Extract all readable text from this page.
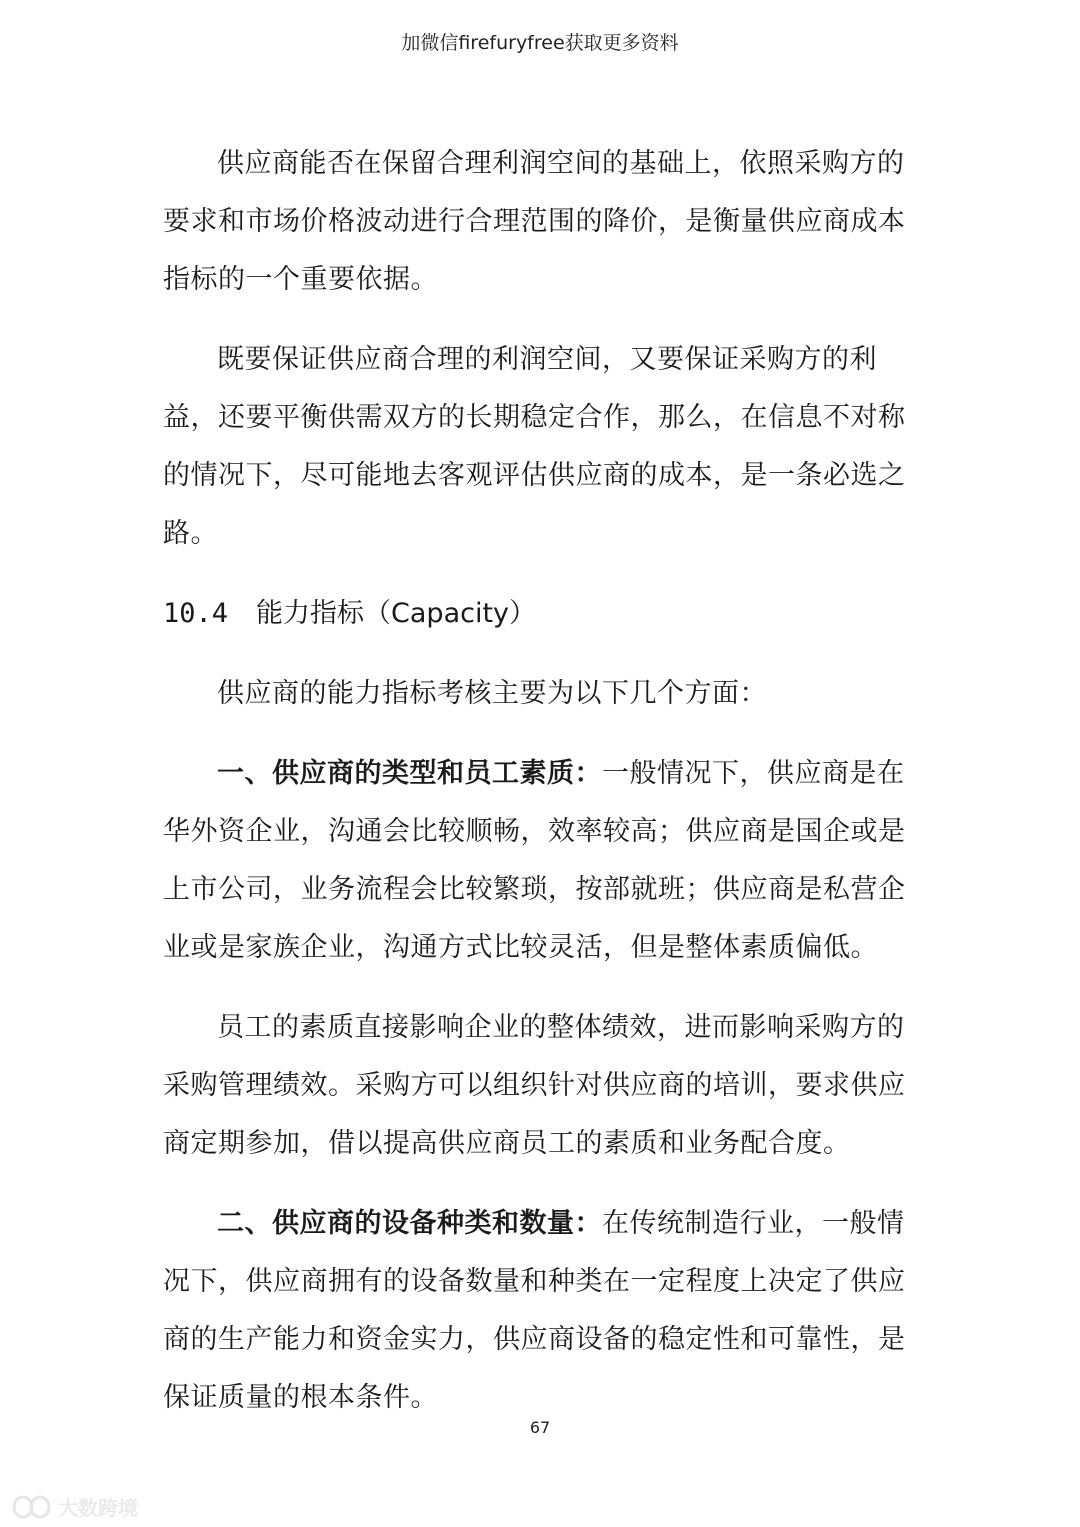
加微信firefuryfree获取更多资料

供应商能否在保留合理利润空间的基础上，依照采购方的要求和市场价格波动进行合理范围的降价，是衡量供应商成本指标的一个重要依据。

既要保证供应商合理的利润空间，又要保证采购方的利益，还要平衡供需双方的长期稳定合作，那么，在信息不对称的情况下，尽可能地去客观评估供应商的成本，是一条必选之路。

10.4 能力指标（Capacity）

供应商的能力指标考核主要为以下几个方面：

一、供应商的类型和员工素质：一般情况下，供应商是在华外资企业，沟通会比较顺畅，效率较高；供应商是国企或是上市公司，业务流程会比较繁琐，按部就班；供应商是私营企业或是家族企业，沟通方式比较灵活，但是整体素质偏低。

员工的素质直接影响企业的整体绩效，进而影响采购方的采购管理绩效。采购方可以组织针对供应商的培训，要求供应商定期参加，借以提高供应商员工的素质和业务配合度。

二、供应商的设备种类和数量：在传统制造行业，一般情况下，供应商拥有的设备数量和种类在一定程度上决定了供应商的生产能力和资金实力，供应商设备的稳定性和可靠性，是保证质量的根本条件。

67
大数跨境
